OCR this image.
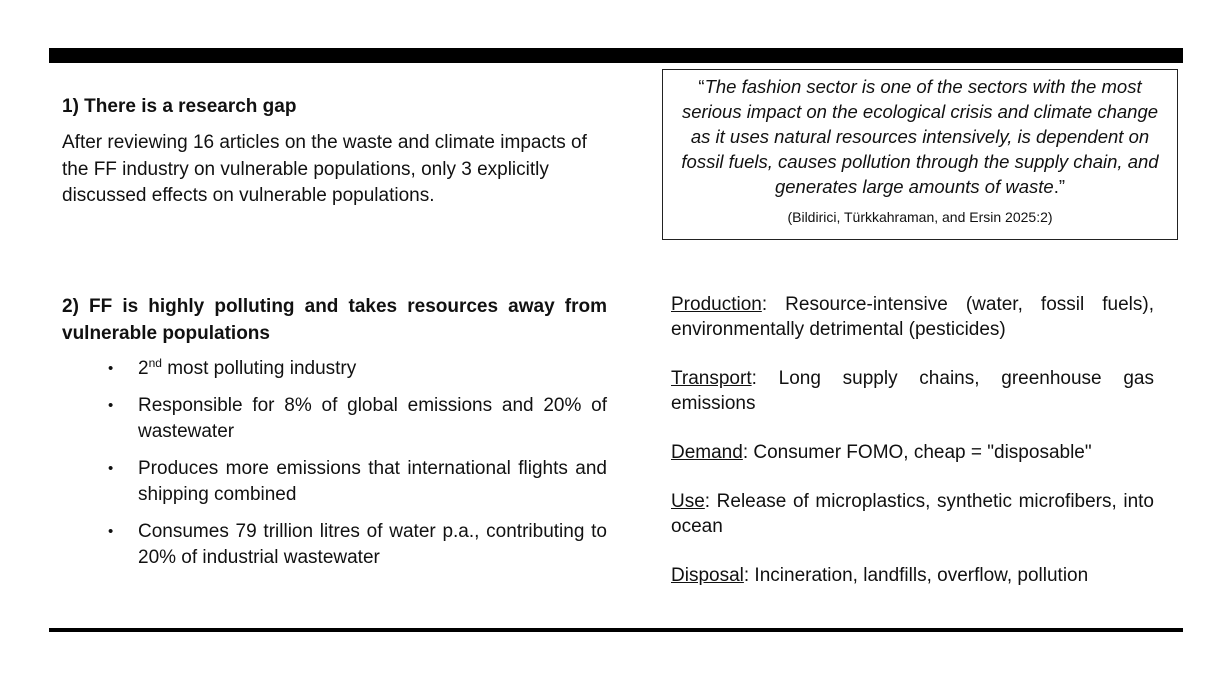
1) There is a research gap

After reviewing 16 articles on the waste and climate impacts of the FF industry on vulnerable populations, only 3 explicitly discussed effects on vulnerable populations.

“The fashion sector is one of the sectors with the most serious impact on the ecological crisis and climate change as it uses natural resources intensively, is dependent on fossil fuels, causes pollution through the supply chain, and generates large amounts of waste.”
(Bildirici, Türkkahraman, and Ersin 2025:2)
2) FF is highly polluting and takes resources away from vulnerable populations
• 2nd most polluting industry
• Responsible for 8% of global emissions and 20% of wastewater
• Produces more emissions that international flights and shipping combined
• Consumes 79 trillion litres of water p.a., contributing to 20% of industrial wastewater

Production: Resource-intensive (water, fossil fuels), environmentally detrimental (pesticides)

Transport: Long supply chains, greenhouse gas emissions

Demand: Consumer FOMO, cheap = "disposable"

Use: Release of microplastics, synthetic microfibers, into ocean

Disposal: Incineration, landfills, overflow, pollution
